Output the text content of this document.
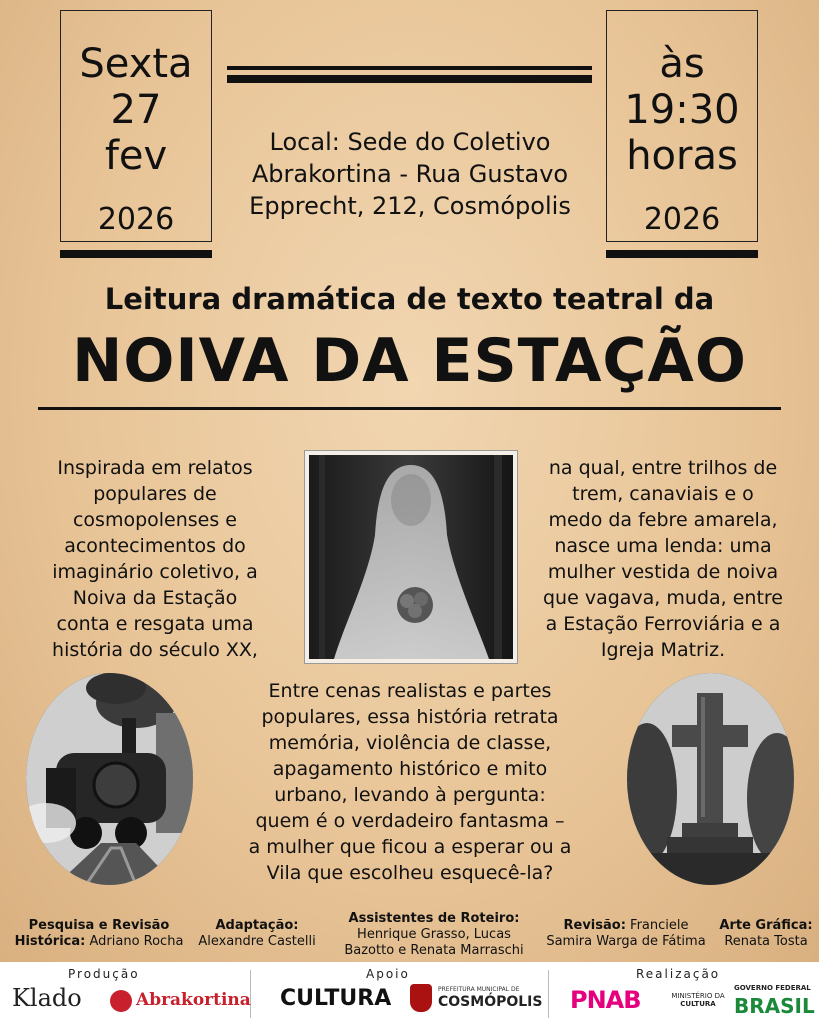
Sexta
27
fev
2026
às
19:30
horas
2026
Local: Sede do Coletivo
Abrakortina - Rua Gustavo
Epprecht, 212, Cosmópolis
Leitura dramática de texto teatral da
NOIVA DA ESTAÇÃO
Inspirada em relatos
populares de
cosmopolenses e
acontecimentos do
imaginário coletivo, a
Noiva da Estação
conta e resgata uma
história do século XX,
na qual, entre trilhos de
trem, canaviais e o
medo da febre amarela,
nasce uma lenda: uma
mulher vestida de noiva
que vagava, muda, entre
a Estação Ferroviária e a
Igreja Matriz.
Entre cenas realistas e partes
populares, essa história retrata
memória, violência de classe,
apagamento histórico e mito
urbano, levando à pergunta:
quem é o verdadeiro fantasma –
a mulher que ficou a esperar ou a
Vila que escolheu esquecê-la?
Pesquisa e Revisão
Histórica: Adriano Rocha
Adaptação:
Alexandre Castelli
Assistentes de Roteiro:
Henrique Grasso, Lucas
Bazotto e Renata Marraschi
Revisão: Franciele
Samira Warga de Fátima
Arte Gráfica:
Renata Tosta
Produção	Apoio	Realização
Klado	Abrakortina CULTURA	PREFEITURA MUNICIPAL DE
COSMÓPOLIS PNAB	MINISTÉRIO DA
CULTURA
GOVERNO FEDERAL
BRASIL
